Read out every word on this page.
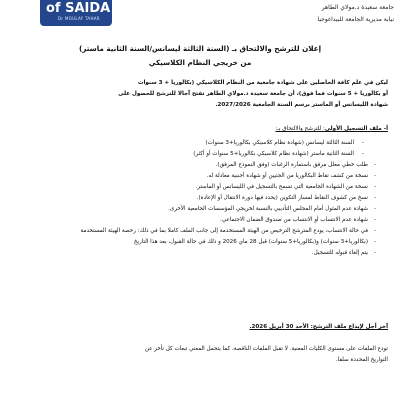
of SAIDA
Dr MOULAY TAHAR
جامعة سعيدة د.مولاي الطاهر
نيابة مديرية الجامعة للبيداغوجيا
إعلان للترشح والالتحاق بـ (السنة الثالثة ليسانس/السنة الثانية ماستر)
من خريجي النظام الكلاسيكي
ليكن في علم كافة الحاصلين على شهادة جامعية من النظام الكلاسيكي (بكالوريا + 3 سنوات
أو بكالوريا + 5 سنوات فما فوق)، أن جامعة سعيدة د.مولاي الطاهر تفتح آجالا للترشح للحصول على
شهادة الليسانس أو الماستر برسم السنة الجامعية 2027/2026.
أ- ملف التسجيل الأولي: للترشح والالتحاق بـ:
- السنة الثالثة ليسانس (شهادة نظام كلاسيكي بكالوريا+3 سنوات)
- السنة الثانية ماستر (شهادة نظام كلاسيكي بكالوريا+5 سنوات أو أكثر)
- طلب خطي معلل مرفق باستمارة الرغبات (وفق النموذج المرفق).
- نسخة من كشف نقاط البكالوريا من الجنيين أو شهادة أجنبية معادلة له.
- نسخة من الشهادة الجامعية التي تسمح بالتسجيل في الليسانس أو الماستر.
- نسخ من كشوف النقاط لمسار التكوين (يحدد فيها دورة الانتقال أو الإعادة).
- شهادة عدم المثول أمام المجلس التأديبي بالنسبة لخريجي المؤسسات الجامعية الأخرى.
- شهادة عدم الانتساب أو الانتساب من صندوق الضمان الاجتماعي.
- في حالة الانتساب، يودع المترشح الترخيص من الهيئة المستخدمة إلى جانب الملف كاملا بما في ذلك: رخصة الهيئة المستخدمة
- (بكالوريا+3 سنوات) و(بكالوريا+5 سنوات) قبل 28 ماي 2026 و ذلك في حالة القبول، بعد هذا التاريخ
- يتم إلغاء قبوله للتسجيل.
آخر أجل لإيداع ملف الترشح: الأحد 30 أبريل 2026.
تودع الملفات على مستوى الكليات المعنية. لا تقبل الملفات الناقصة، كما يتحمل المعني تبعات كل تأخر عن
التواريخ المحددة سلفا.
